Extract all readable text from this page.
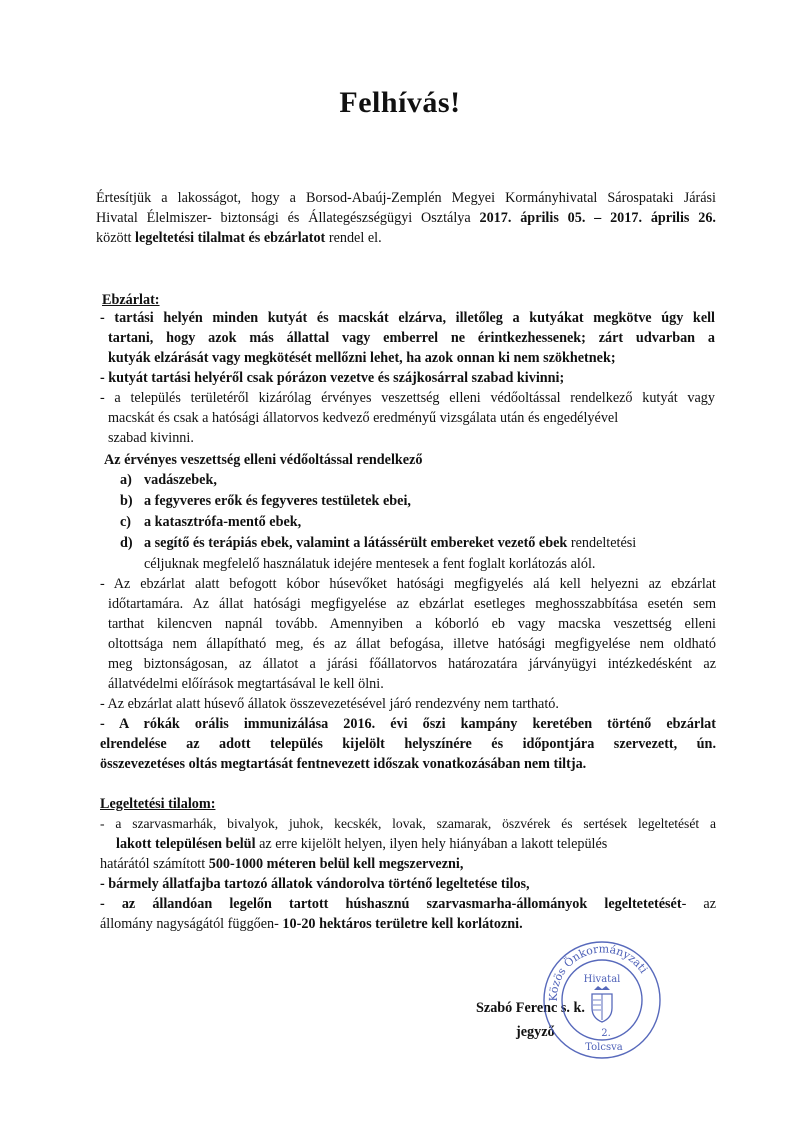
Felhívás!
Értesítjük a lakosságot, hogy a Borsod-Abaúj-Zemplén Megyei Kormányhivatal Sárospataki Járási
Hivatal Élelmiszer- biztonsági és Állategészségügyi Osztálya 2017. április 05. – 2017. április 26.
között legeltetési tilalmat és ebzárlatot rendel el.
Ebzárlat:
- tartási helyén minden kutyát és macskát elzárva, illetőleg a kutyákat megkötve úgy kell
tartani, hogy azok más állattal vagy emberrel ne érintkezhessenek; zárt udvarban a
kutyák elzárását vagy megkötését mellőzni lehet, ha azok onnan ki nem szökhetnek;
- kutyát tartási helyéről csak pórázon vezetve és szájkosárral szabad kivinni;
- a település területéről kizárólag érvényes veszettség elleni védőoltással rendelkező kutyát vagy
macskát és csak a hatósági állatorvos kedvező eredményű vizsgálata után és engedélyével
szabad kivinni.
Az érvényes veszettség elleni védőoltással rendelkező
a) vadászebek,
b) a fegyveres erők és fegyveres testületek ebei,
c) a katasztrófa-mentő ebek,
d) a segítő és terápiás ebek, valamint a látássérült embereket vezető ebek rendeltetési
céljuknak megfelelő használatuk idejére mentesek a fent foglalt korlátozás alól.
- Az ebzárlat alatt befogott kóbor húsevőket hatósági megfigyelés alá kell helyezni az ebzárlat
időtartamára. Az állat hatósági megfigyelése az ebzárlat esetleges meghosszabbítása esetén sem
tarthat kilencven napnál tovább. Amennyiben a kóborló eb vagy macska veszettség elleni
oltottsága nem állapítható meg, és az állat befogása, illetve hatósági megfigyelése nem oldható
meg biztonságosan, az állatot a járási főállatorvos határozatára járványügyi intézkedésként az
állatvédelmi előírások megtartásával le kell ölni.
- Az ebzárlat alatt húsevő állatok összevezetésével járó rendezvény nem tartható.
- A rókák orális immunizálása 2016. évi őszi kampány keretében történő ebzárlat
elrendelése az adott település kijelölt helyszínére és időpontjára szervezett, ún.
összevezetéses oltás megtartását fentnevezett időszak vonatkozásában nem tiltja.
Legeltetési tilalom:
- a szarvasmarhák, bivalyok, juhok, kecskék, lovak, szamarak, öszvérek és sertések legeltetését a
lakott településen belül az erre kijelölt helyen, ilyen hely hiányában a lakott település
határától számított 500-1000 méteren belül kell megszervezni,
- bármely állatfajba tartozó állatok vándorolva történő legeltetése tilos,
- az állandóan legelőn tartott húshasznú szarvasmarha-állományok legeltetetését- az
állomány nagyságától függően- 10-20 hektáros területre kell korlátozni.
Szabó Ferenc s. k.
jegyző
Közös Önkormányzati
Hivatal
2.
Tolcsva
